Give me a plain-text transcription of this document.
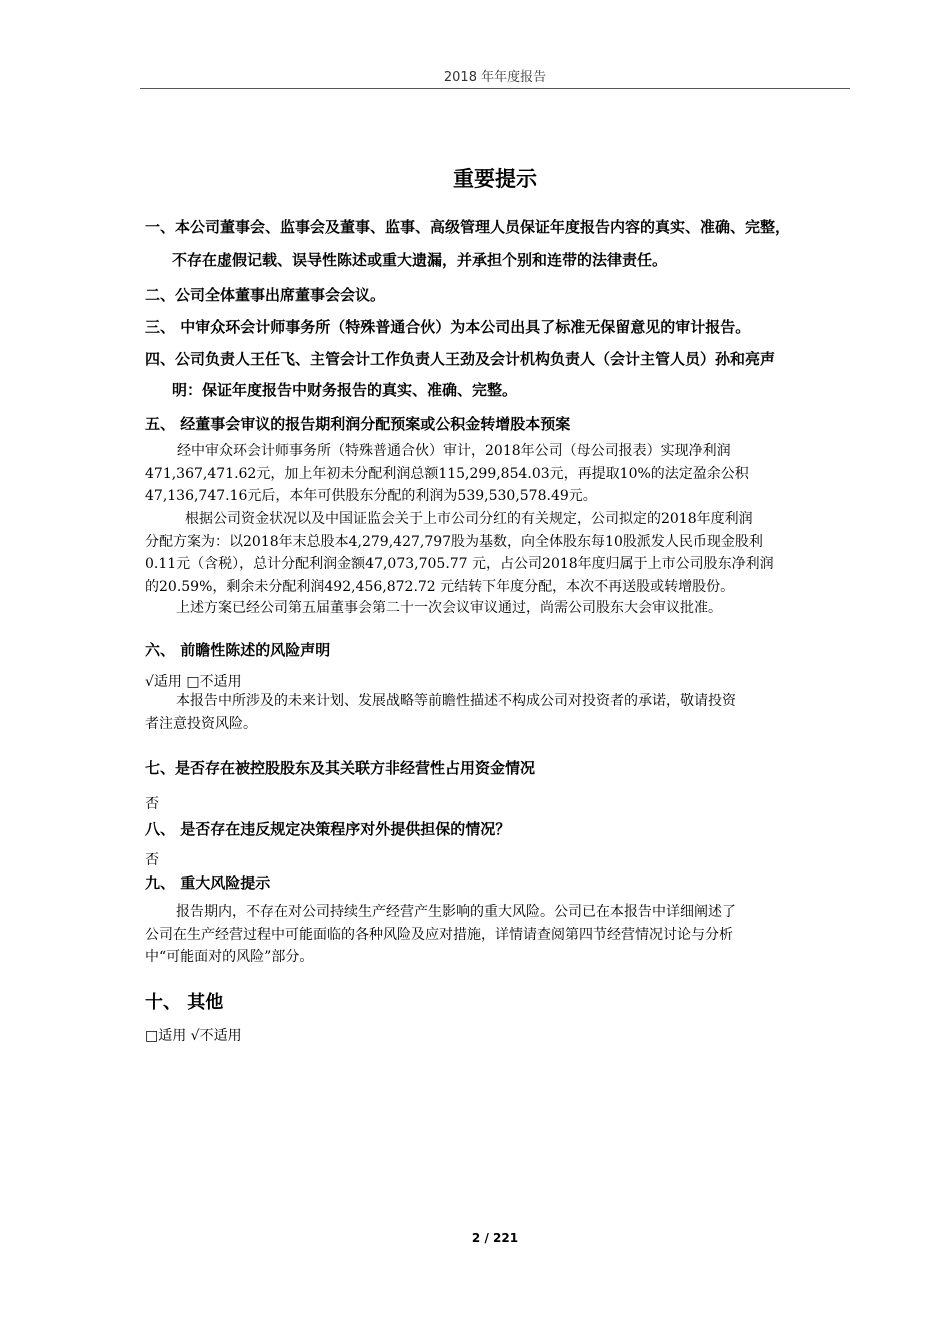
2018 年年度报告
重要提示
一、本公司董事会、监事会及董事、监事、高级管理人员保证年度报告内容的真实、准确、完整，
不存在虚假记载、误导性陈述或重大遗漏，并承担个别和连带的法律责任。
二、公司全体董事出席董事会会议。
三、 中审众环会计师事务所（特殊普通合伙）为本公司出具了标准无保留意见的审计报告。
四、公司负责人王任飞、主管会计工作负责人王劲及会计机构负责人（会计主管人员）孙和亮声
明：保证年度报告中财务报告的真实、准确、完整。
五、 经董事会审议的报告期利润分配预案或公积金转增股本预案
经中审众环会计师事务所（特殊普通合伙）审计，2018年公司（母公司报表）实现净利润
471,367,471.62元，加上年初未分配利润总额115,299,854.03元，再提取10%的法定盈余公积
47,136,747.16元后，本年可供股东分配的利润为539,530,578.49元。
根据公司资金状况以及中国证监会关于上市公司分红的有关规定，公司拟定的2018年度利润
分配方案为：以2018年末总股本4,279,427,797股为基数，向全体股东每10股派发人民币现金股利
0.11元（含税），总计分配利润金额47,073,705.77 元，占公司2018年度归属于上市公司股东净利润
的20.59%，剩余未分配利润492,456,872.72 元结转下年度分配，本次不再送股或转增股份。
上述方案已经公司第五届董事会第二十一次会议审议通过，尚需公司股东大会审议批准。
六、 前瞻性陈述的风险声明
√适用 □不适用
本报告中所涉及的未来计划、发展战略等前瞻性描述不构成公司对投资者的承诺，敬请投资
者注意投资风险。
七、是否存在被控股股东及其关联方非经营性占用资金情况
否
八、 是否存在违反规定决策程序对外提供担保的情况？
否
九、 重大风险提示
报告期内，不存在对公司持续生产经营产生影响的重大风险。公司已在本报告中详细阐述了
公司在生产经营过程中可能面临的各种风险及应对措施，详情请查阅第四节经营情况讨论与分析
中“可能面对的风险”部分。
十、 其他
□适用 √不适用
2 / 221
